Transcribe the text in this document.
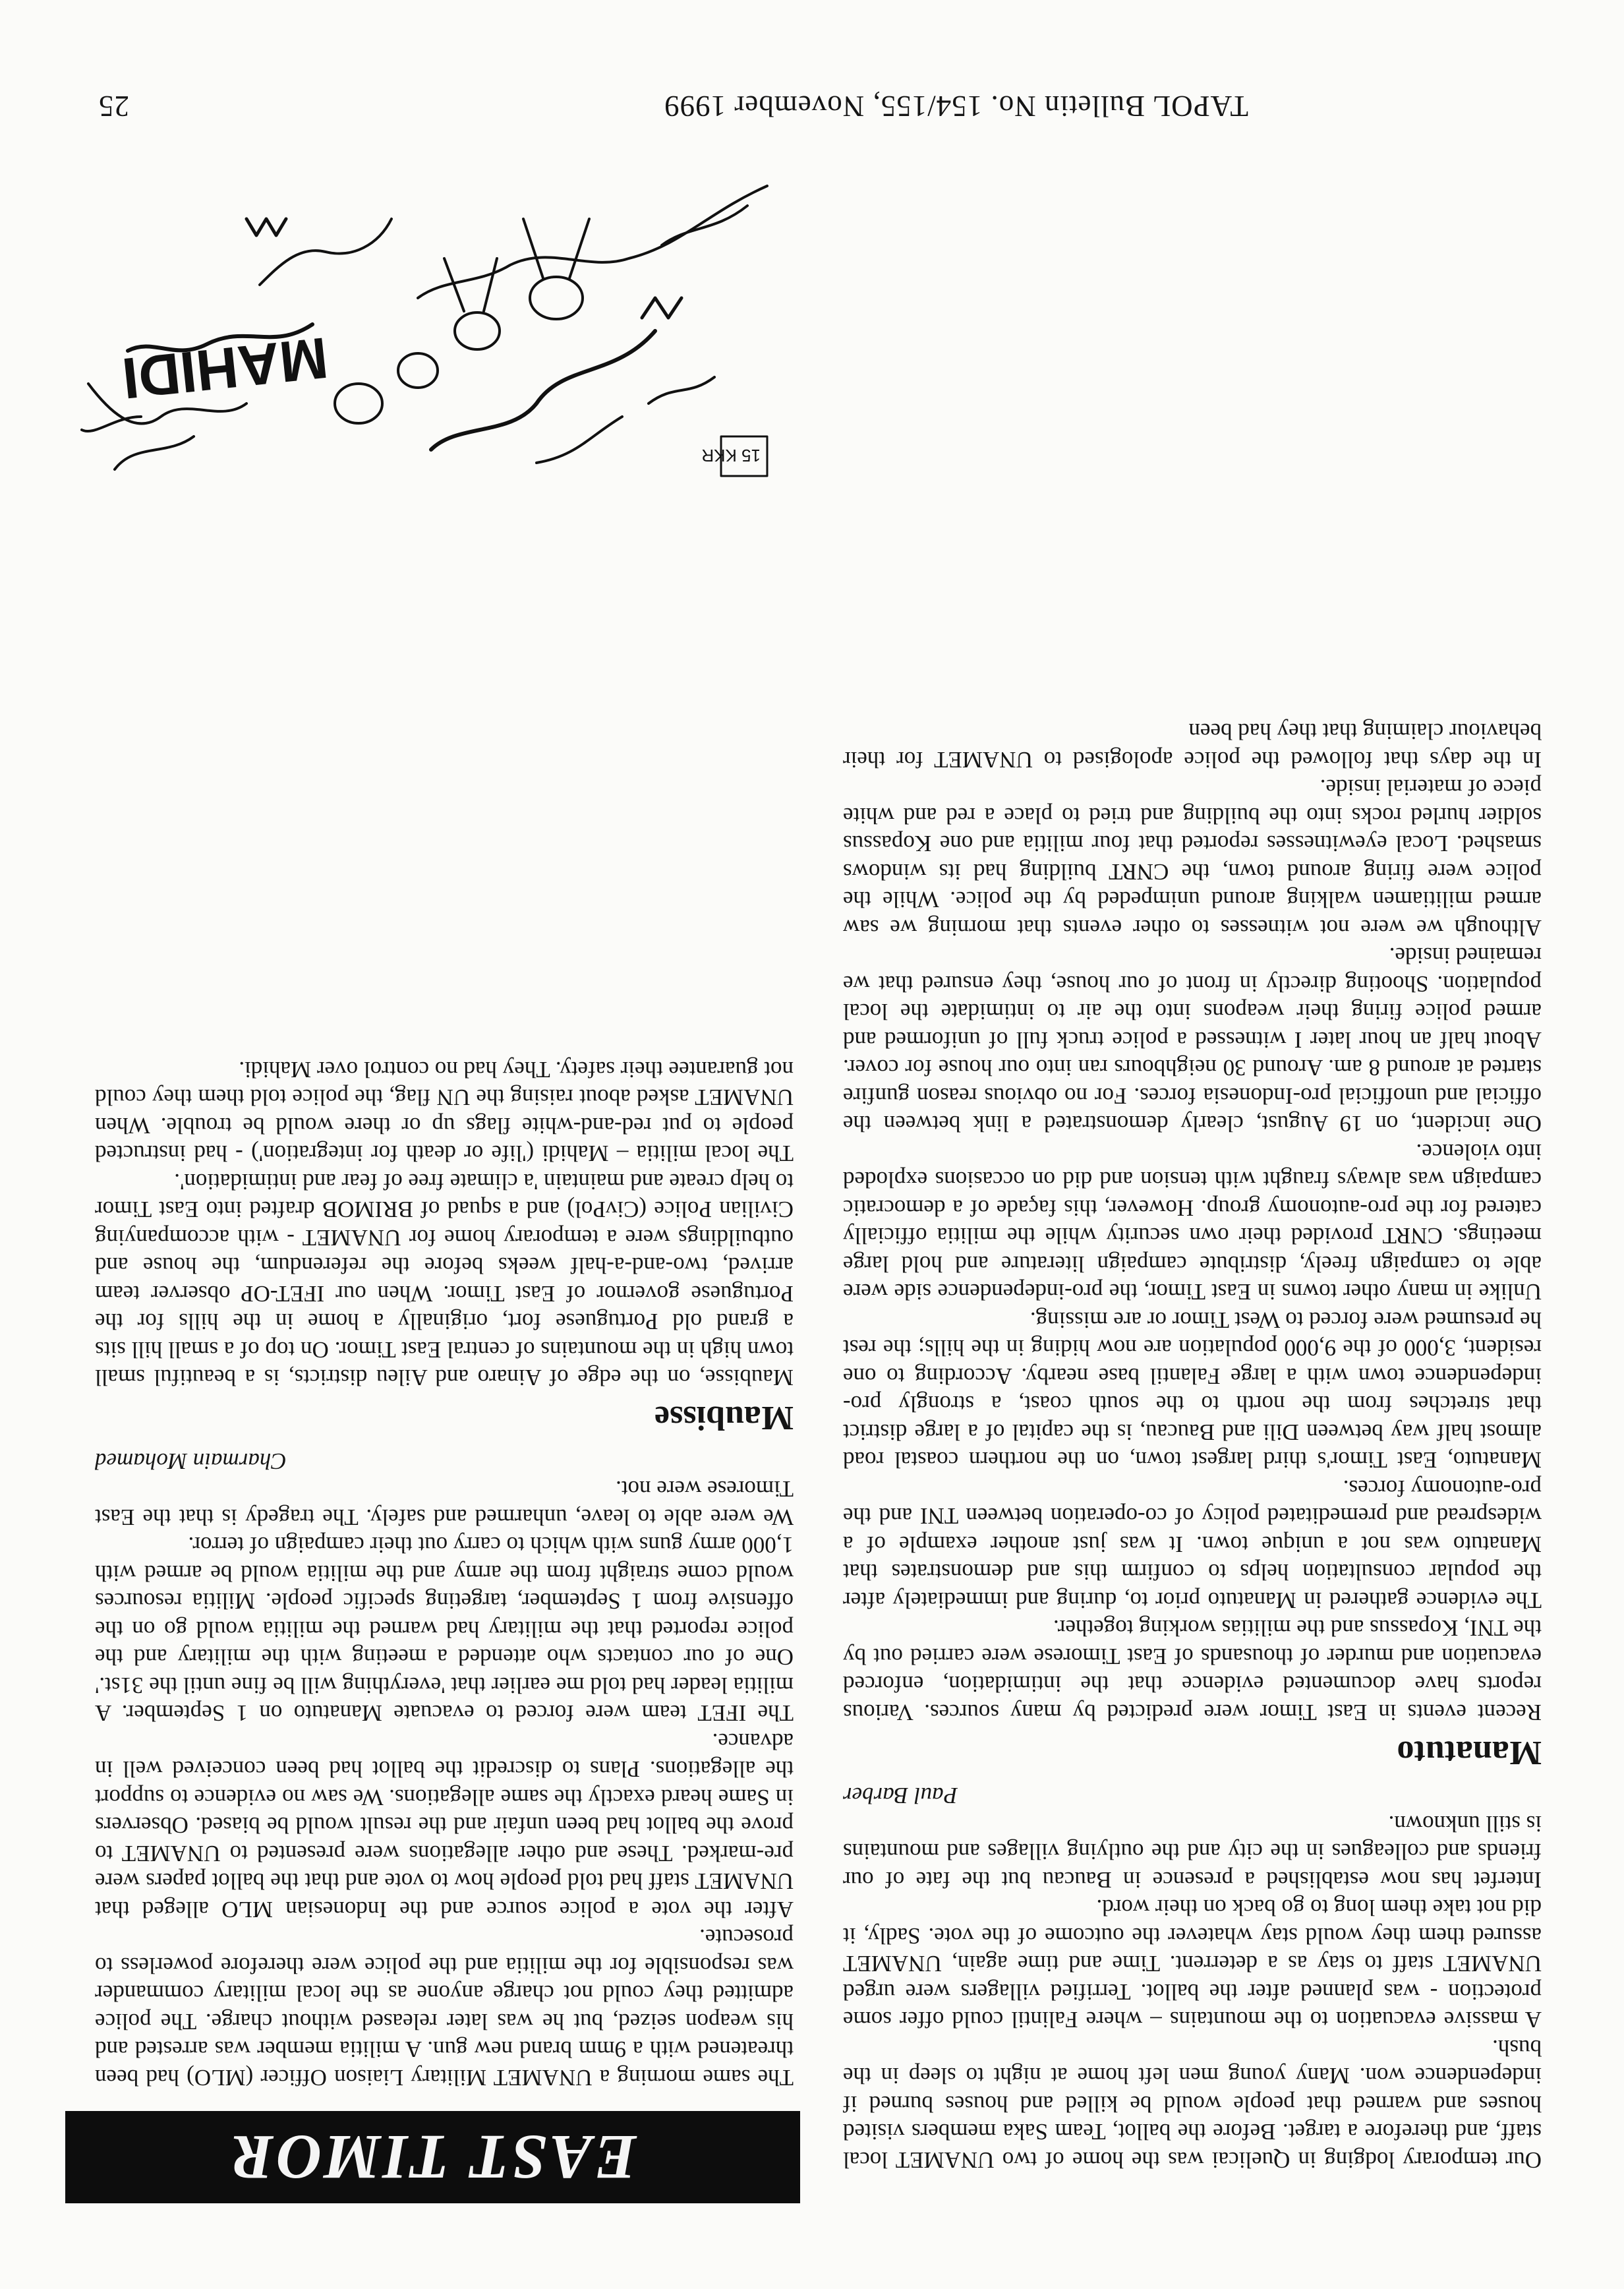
TAPOL Bulletin No. 154/155, November 1999
25

Our temporary lodging in Quelicai was the home of two UNAMET local staff, and therefore a target. Before the ballot, Team Saka members visited houses and warned that people would be killed and houses burned if independence won. Many young men left home at night to sleep in the bush.

A massive evacuation to the mountains – where Falintil could offer some protection - was planned after the ballot. Terrified villagers were urged UNAMET staff to stay as a deterrent. Time and time again, UNAMET assured them they would stay whatever the outcome of the vote. Sadly, it did not take them long to go back on their word.

Interfet has now established a presence in Baucau but the fate of our friends and colleagues in the city and the outlying villages and mountains is still unknown.

Paul Barber

Manatuto

Recent events in East Timor were predicted by many sources. Various reports have documented evidence that the intimidation, enforced evacuation and murder of thousands of East Timorese were carried out by the TNI, Kopassus and the militias working together.

The evidence gathered in Manatuto prior to, during and immediately after the popular consultation helps to confirm this and demonstrates that Manatuto was not a unique town. It was just another example of a widespread and premeditated policy of co-operation between TNI and the pro-autonomy forces.

Manatuto, East Timor's third largest town, on the northern coastal road almost half way between Dili and Baucau, is the capital of a large district that stretches from the north to the south coast, a strongly pro-independence town with a large Falantil base nearby. According to one resident, 3,000 of the 9,000 population are now hiding in the hills; the rest he presumed were forced to West Timor or are missing.

Unlike in many other towns in East Timor, the pro-independence side were able to campaign freely, distribute campaign literature and hold large meetings. CNRT provided their own security while the militia officially catered for the pro-autonomy group. However, this façade of a democratic campaign was always fraught with tension and did on occasions exploded into violence.

One incident, on 19 August, clearly demonstrated a link between the official and unofficial pro-Indonesia forces. For no obvious reason gunfire started at around 8 am. Around 30 neighbours ran into our house for cover. About half an hour later I witnessed a police truck full of uniformed and armed police firing their weapons into the air to intimidate the local population. Shooting directly in front of our house, they ensured that we remained inside.

Although we were not witnesses to other events that morning we saw armed militiamen walking around unimpeded by the police. While the police were firing around town, the CNRT building had its windows smashed. Local eyewitnesses reported that four militia and one Kopassus soldier hurled rocks into the building and tried to place a red and white piece of material inside.

In the days that followed the police apologised to UNAMET for their behaviour claiming that they had been

EAST TIMOR

The same morning a UNAMET Military Liaison Officer (MLO) had been threatened with a 9mm brand new gun. A militia member was arrested and his weapon seized, but he was later released without charge. The police admitted they could not charge anyone as the local military commander was responsible for the militia and the police were therefore powerless to prosecute.

After the vote a police source and the Indonesian MLO alleged that UNAMET staff had told people how to vote and that the ballot papers were pre-marked. These and other allegations were presented to UNAMET to prove the ballot had been unfair and the result would be biased. Observers in Same heard exactly the same allegations. We saw no evidence to support the allegations. Plans to discredit the ballot had been conceived well in advance.

The IFET team were forced to evacuate Manatuto on 1 September. A militia leader had told me earlier that 'everything will be fine until the 31st.' One of our contacts who attended a meeting with the military and the police reported that the military had warned the militia would go on the offensive from 1 September, targeting specific people. Militia resources would come straight from the army and the militia would be armed with 1,000 army guns with which to carry out their campaign of terror.

We were able to leave, unharmed and safely. The tragedy is that the East Timorese were not.

Charmain Mohamed

Maubisse

Maubisse, on the edge of Ainaro and Aileu districts, is a beautiful small town high in the mountains of central East Timor. On top of a small hill sits a grand old Portuguese fort, originally a home in the hills for the Portuguese governor of East Timor. When our IFET-OP observer team arrived, two-and-a-half weeks before the referendum, the house and outbuildings were a temporary home for UNAMET - with accompanying Civilian Police (CivPol) and a squad of BRIMOB drafted into East Timor to help create and maintain 'a climate free of fear and intimidation'.

The local militia – Mahidi ('life or death for integration') - had instructed people to put red-and-white flags up or there would be trouble. When UNAMET asked about raising the UN flag, the police told them they could not guarantee their safety. They had no control over Mahidi.

MAHIDI
15 KKR
